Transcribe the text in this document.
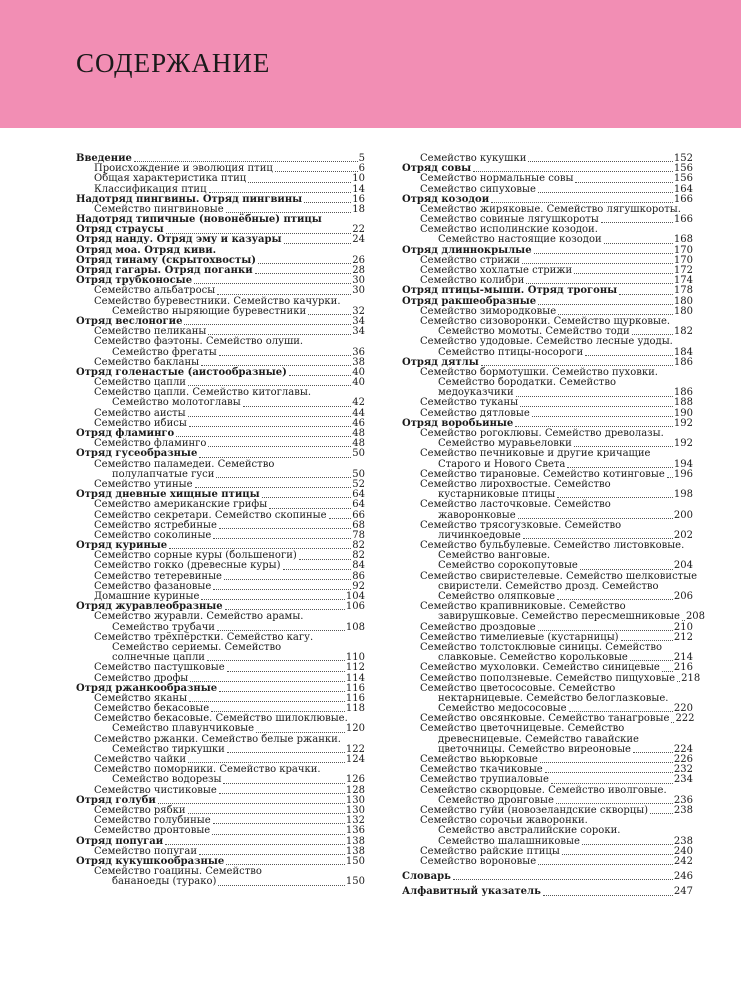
СОДЕРЖАНИЕ
Введение	5
Происхождение и эволюция птиц	6
Общая характеристика птиц	10
Классификация птиц	14
Надотряд пингвины. Отряд пингвины	16
Семейство пингвиновые	18
Надотряд типичные (новонёбные) птицы
Отряд страусы	22
Отряд нанду. Отряд эму и казуары	24
Отряд моа. Отряд киви.
Отряд тинаму (скрытохвосты)	26
Отряд гагары. Отряд поганки	28
Отряд трубконосые	30
Семейство альбатросы	30
Семейство буревестники. Семейство качурки.
Семейство ныряющие буревестники	32
Отряд веслоногие	34
Семейство пеликаны	34
Семейство фаэтоны. Семейство олуши.
Семейство фрегаты	36
Семейство бакланы	38
Отряд голенастые (аистообразные)	40
Семейство цапли	40
Семейство цапли. Семейство китоглавы.
Семейство молотоглавы	42
Семейство аисты	44
Семейство ибисы	46
Отряд фламинго	48
Семейство фламинго	48
Отряд гусеобразные	50
Семейство паламедеи. Семейство
полулапчатые гуси	50
Семейство утиные	52
Отряд дневные хищные птицы	64
Семейство американские грифы	64
Семейство секретари. Семейство скопиные	66
Семейство ястребиные	68
Семейство соколиные	78
Отряд куриные	82
Семейство сорные куры (большеноги)	82
Семейство гокко (древесные куры)	84
Семейство тетеревиные	86
Семейство фазановые	92
Домашние куриные	104
Отряд журавлеобразные	106
Семейство журавли. Семейство арамы.
Семейство трубачи	108
Семейство трёхпёрстки. Семейство кагу.
Семейство сериемы. Семейство
солнечные цапли	110
Семейство пастушковые	112
Семейство дрофы	114
Отряд ржанкообразные	116
Семейство яканы	116
Семейство бекасовые	118
Семейство бекасовые. Семейство шилоклювые.
Семейство плавунчиковые	120
Семейство ржанки. Семейство белые ржанки.
Семейство тиркушки	122
Семейство чайки	124
Семейство поморники. Семейство крачки.
Семейство водорезы	126
Семейство чистиковые	128
Отряд голуби	130
Семейство рябки	130
Семейство голубиные	132
Семейство дронтовые	136
Отряд попугаи	138
Семейство попугаи	138
Отряд кукушкообразные	150
Семейство гоацины. Семейство
бананоеды (турако)	150
Семейство кукушки	152
Отряд совы	156
Семейство нормальные совы	156
Семейство сипуховые	164
Отряд козодои	166
Семейство жиряковые. Семейство лягушкороты.
Семейство совиные лягушкороты	166
Семейство исполинские козодои.
Семейство настоящие козодои	168
Отряд длиннокрылые	170
Семейство стрижи	170
Семейство хохлатые стрижи	172
Семейство колибри	174
Отряд птицы-мыши. Отряд трогоны	178
Отряд ракшеобразные	180
Семейство зимородковые	180
Семейство сизоворонки. Семейство щурковые.
Семейство момоты. Семейство тоди	182
Семейство удодовые. Семейство лесные удоды.
Семейство птицы-носороги	184
Отряд дятлы	186
Семейство бормотушки. Семейство пуховки.
Семейство бородатки. Семейство
медоуказчики	186
Семейство туканы	188
Семейство дятловые	190
Отряд воробьиные	192
Семейство рогоклювы. Семейство древолазы.
Семейство муравьеловки	192
Семейство печниковые и другие кричащие
Старого и Нового Света	194
Семейство тирановые. Семейство котинговые 196
Семейство лирохвостые. Семейство
кустарниковые птицы	198
Семейство ласточковые. Семейство
жаворонковые	200
Семейство трясогузковые. Семейство
личинкоедовые	202
Семейство бульбулевые. Семейство листовковые.
Семейство ванговые.
Семейство сорокопутовые	204
Семейство свиристелевые. Семейство шелковистые
свиристели. Семейство дрозд. Семейство
Семейство оляпковые	206
Семейство крапивниковые. Семейство
завирушковые. Семейство пересмешниковые 208
Семейство дроздовые	210
Семейство тимелиевые (кустарницы)	212
Семейство толстоклювые синицы. Семейство
славковые. Семейство корольковые	214
Семейство мухоловки. Семейство синицевые 216
Семейство поползневые. Семейство пищуховые 218
Семейство цветососовые. Семейство
нектарницевые. Семейство белоглазковые.
Семейство медососовые	220
Семейство овсянковые. Семейство танагровые 222
Семейство цветочницевые. Семейство
древесницевые. Семейство гавайские
цветочницы. Семейство виреоновые	224
Семейство вьюрковые	226
Семейство ткачиковые	232
Семейство трупиаловые	234
Семейство скворцовые. Семейство иволговые.
Семейство дронговые	236
Семейство гуйи (новозеландские скворцы)	238
Семейство сорочьи жаворонки.
Семейство австралийские сороки.
Семейство шалашниковые	238
Семейство райские птицы	240
Семейство вороновые	242
Словарь	246
Алфавитный указатель	247
